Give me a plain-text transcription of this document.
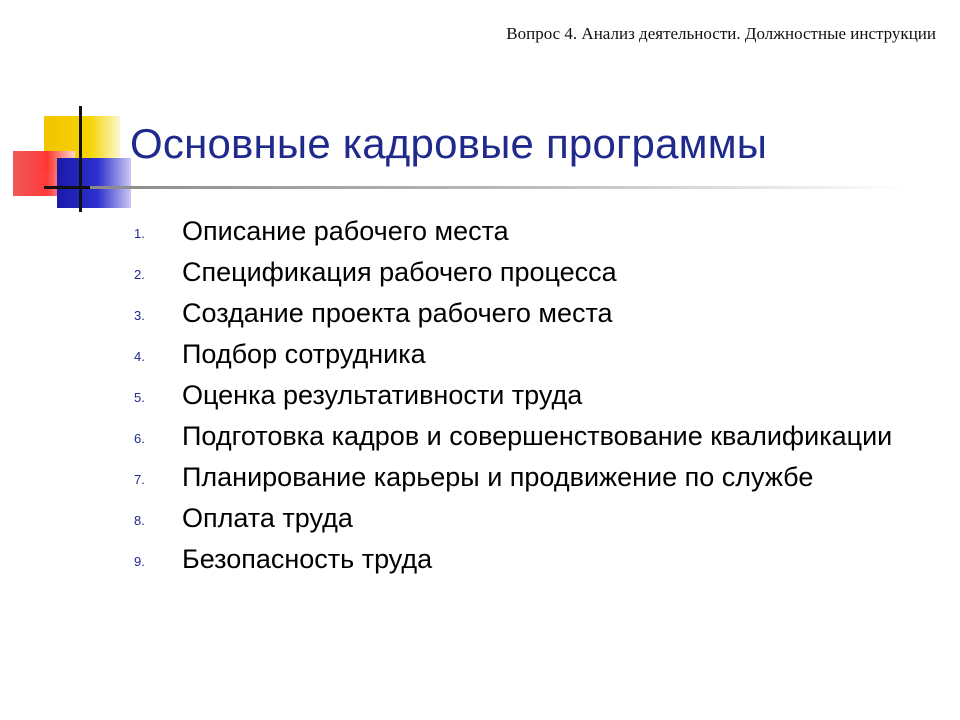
Вопрос 4. Анализ деятельности. Должностные инструкции
Основные кадровые программы
1.	Описание рабочего места
2.	Спецификация рабочего процесса
3.	Создание проекта рабочего места
4.	Подбор сотрудника
5.	Оценка результативности труда
6.	Подготовка кадров и совершенствование квалификации
7.	Планирование карьеры и продвижение по службе
8.	Оплата труда
9.	Безопасность труда
